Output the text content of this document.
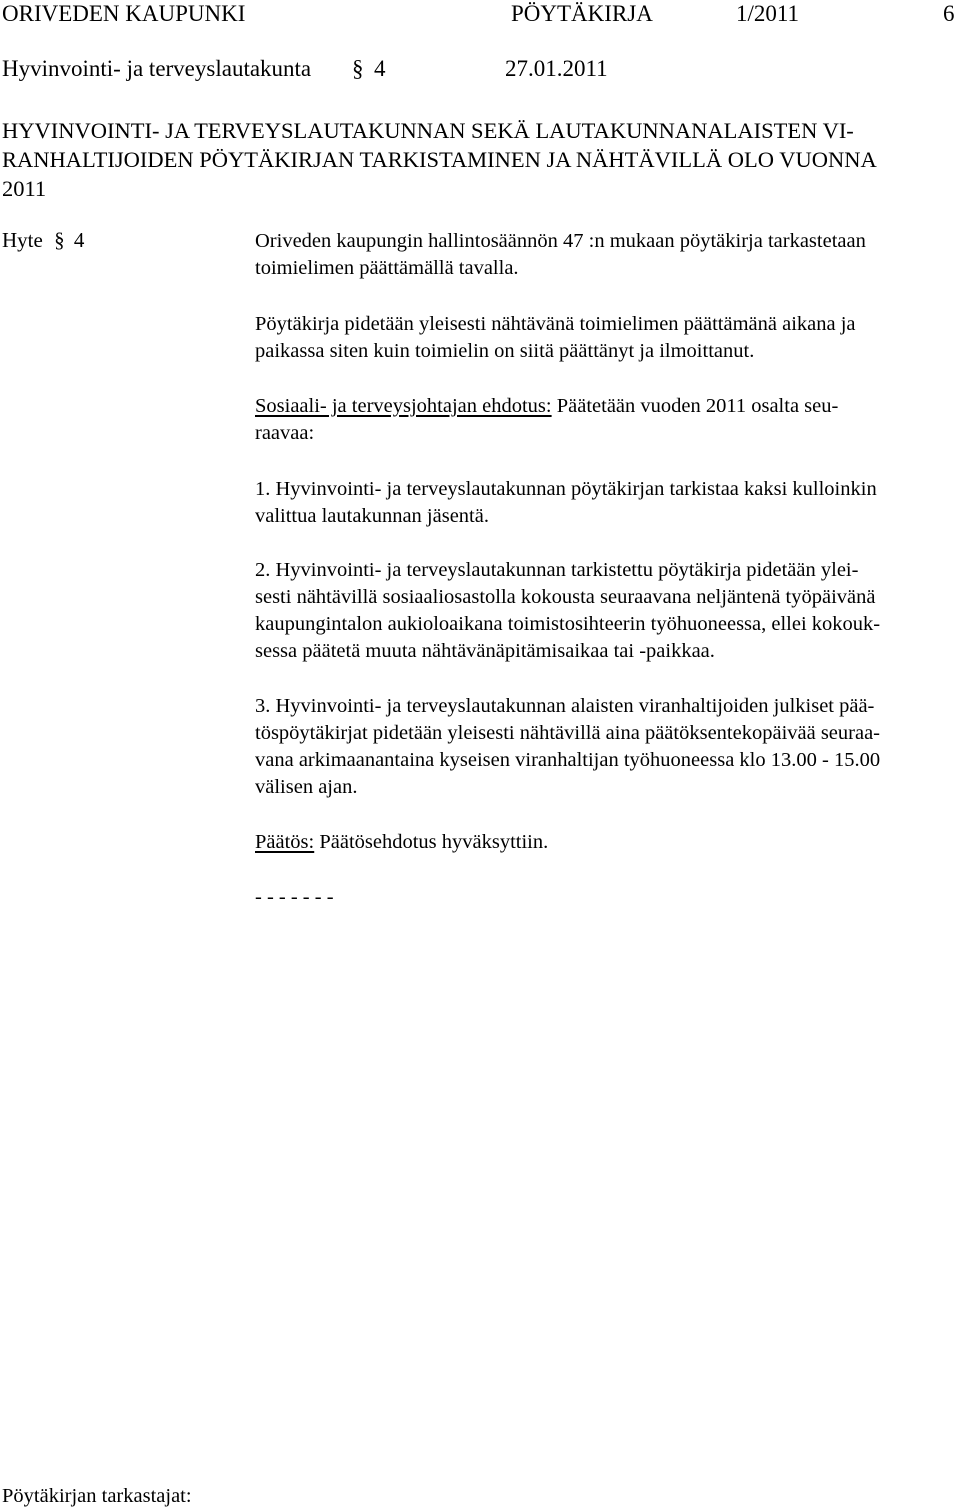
ORIVEDEN KAUPUNKI	PÖYTÄKIRJA	1/2011	6
Hyvinvointi- ja terveyslautakunta § 4	27.01.2011
HYVINVOINTI- JA TERVEYSLAUTAKUNNAN SEKÄ LAUTAKUNNANALAISTEN VI-
RANHALTIJOIDEN PÖYTÄKIRJAN TARKISTAMINEN JA NÄHTÄVILLÄ OLO VUONNA
2011
Hyte § 4	Oriveden kaupungin hallintosäännön 47 :n mukaan pöytäkirja tarkastetaan
toimielimen päättämällä tavalla.
Pöytäkirja pidetään yleisesti nähtävänä toimielimen päättämänä aikana ja
paikassa siten kuin toimielin on siitä päättänyt ja ilmoittanut.
Sosiaali- ja terveysjohtajan ehdotus: Päätetään vuoden 2011 osalta seu-
raavaa:
1. Hyvinvointi- ja terveyslautakunnan pöytäkirjan tarkistaa kaksi kulloinkin
valittua lautakunnan jäsentä.
2. Hyvinvointi- ja terveyslautakunnan tarkistettu pöytäkirja pidetään ylei-
sesti nähtävillä sosiaaliosastolla kokousta seuraavana neljäntenä työpäivänä
kaupungintalon aukioloaikana toimistosihteerin työhuoneessa, ellei kokouk-
sessa päätetä muuta nähtävänäpitämisaikaa tai -paikkaa.
3. Hyvinvointi- ja terveyslautakunnan alaisten viranhaltijoiden julkiset pää-
töspöytäkirjat pidetään yleisesti nähtävillä aina päätöksentekopäivää seuraa-
vana arkimaanantaina kyseisen viranhaltijan työhuoneessa klo 13.00 - 15.00
välisen ajan.
Päätös: Päätösehdotus hyväksyttiin.
- - - - - - -
Pöytäkirjan tarkastajat:
